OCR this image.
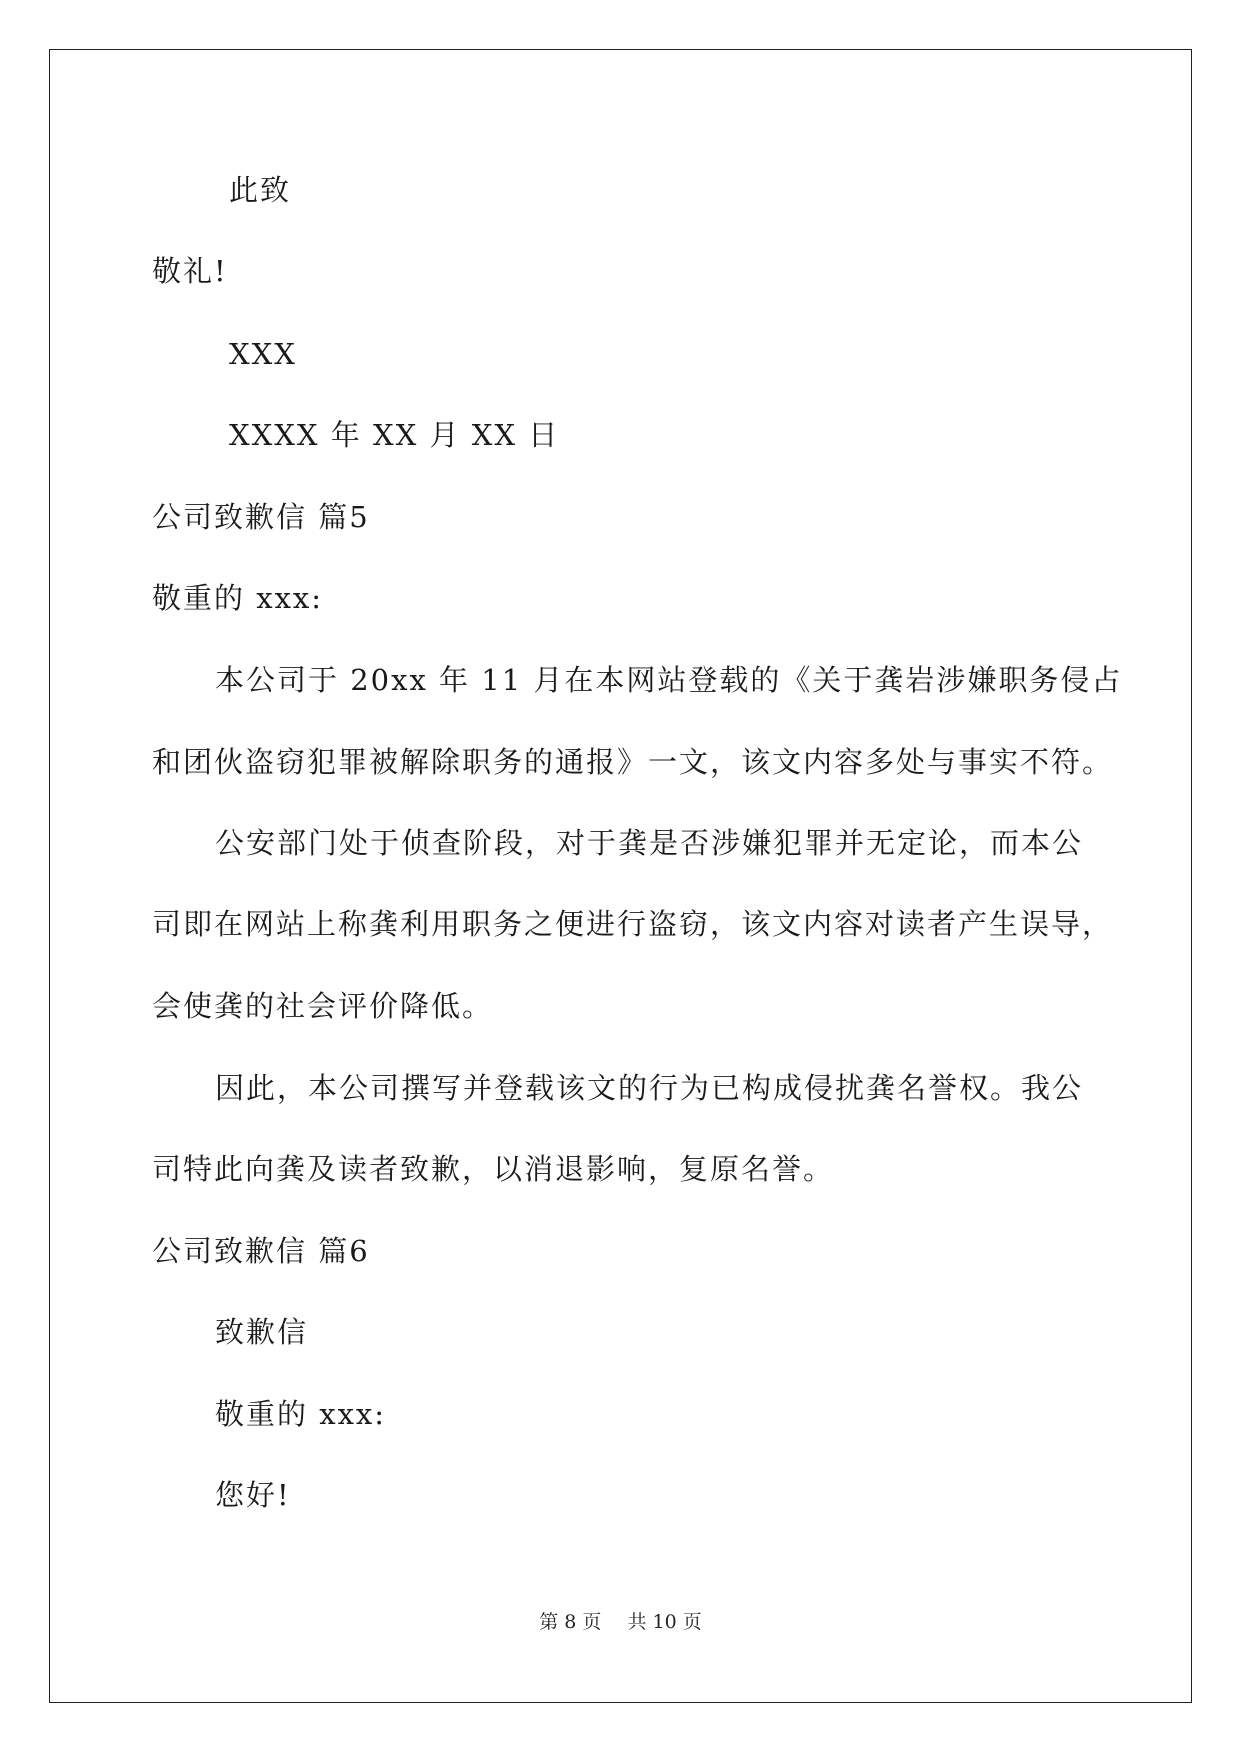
此致
敬礼!
XXX
XXXX 年 XX 月 XX 日
公司致歉信 篇5
敬重的 xxx:
本公司于 20xx 年 11 月在本网站登载的《关于龚岩涉嫌职务侵占
和团伙盗窃犯罪被解除职务的通报》一文，该文内容多处与事实不符。
公安部门处于侦查阶段，对于龚是否涉嫌犯罪并无定论，而本公
司即在网站上称龚利用职务之便进行盗窃，该文内容对读者产生误导，
会使龚的社会评价降低。
因此，本公司撰写并登载该文的行为已构成侵扰龚名誉权。我公
司特此向龚及读者致歉，以消退影响，复原名誉。
公司致歉信 篇6
致歉信
敬重的 xxx:
您好!
第 8 页 共 10 页
